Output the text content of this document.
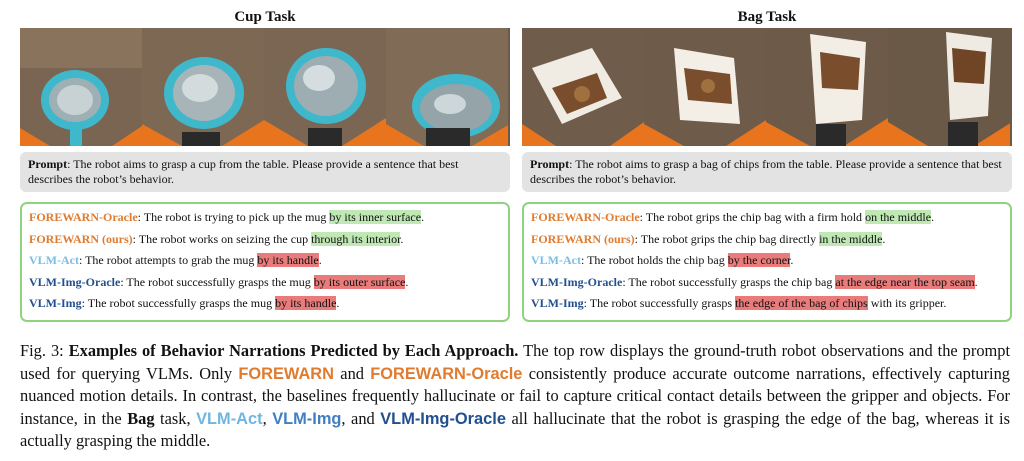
Cup Task
Prompt: The robot aims to grasp a cup from the table. Please provide a sentence that best describes the robot’s behavior.
FOREWARN-Oracle: The robot is trying to pick up the mug by its inner surface.
FOREWARN (ours): The robot works on seizing the cup through its interior.
VLM-Act: The robot attempts to grab the mug by its handle.
VLM-Img-Oracle: The robot successfully grasps the mug by its outer surface.
VLM-Img: The robot successfully grasps the mug by its handle.
Bag Task
Prompt: The robot aims to grasp a bag of chips from the table. Please provide a sentence that best describes the robot’s behavior.
FOREWARN-Oracle: The robot grips the chip bag with a firm hold on the middle.
FOREWARN (ours): The robot grips the chip bag directly in the middle.
VLM-Act: The robot holds the chip bag by the corner.
VLM-Img-Oracle: The robot successfully grasps the chip bag at the edge near the top seam.
VLM-Img: The robot successfully grasps the edge of the bag of chips with its gripper.
Fig. 3: Examples of Behavior Narrations Predicted by Each Approach. The top row displays the ground-truth robot observations and the prompt used for querying VLMs. Only FOREWARN and FOREWARN-Oracle consistently produce accurate outcome narrations, effectively capturing nuanced motion details. In contrast, the baselines frequently hallucinate or fail to capture critical contact details between the gripper and objects. For instance, in the Bag task, VLM-Act, VLM-Img, and VLM-Img-Oracle all hallucinate that the robot is grasping the edge of the bag, whereas it is actually grasping the middle.
